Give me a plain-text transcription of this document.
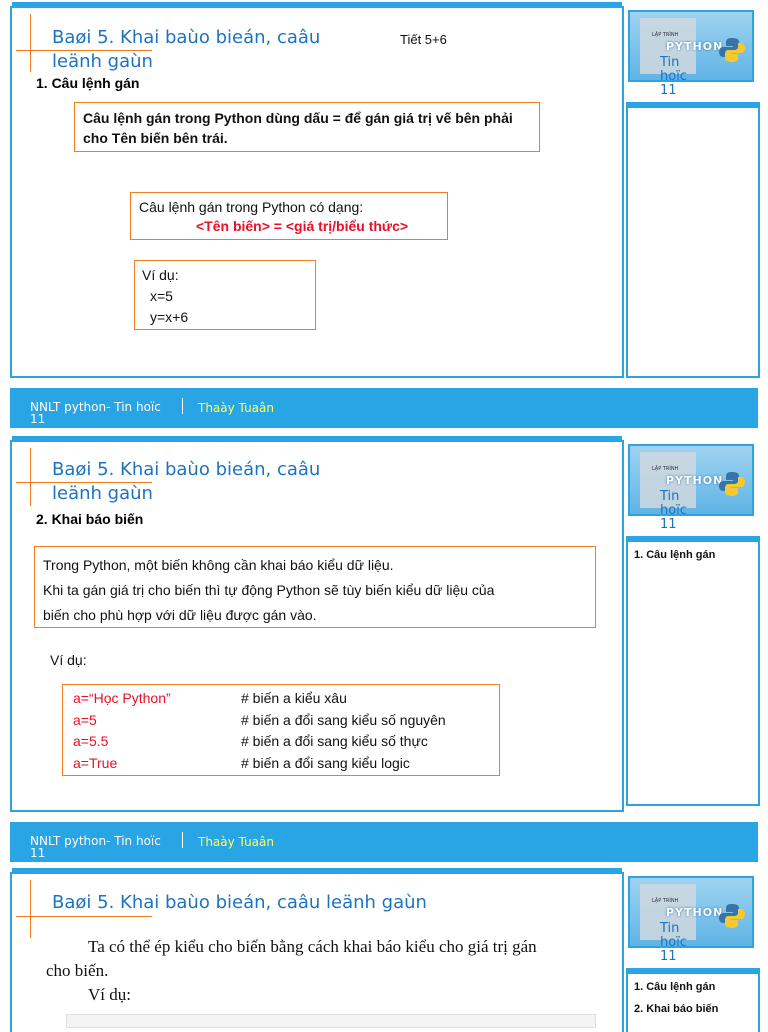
Baøi 5. Khai baùo bieán, caâu
leänh gaùn
Tiết 5+6
1. Câu lệnh gán
Câu lệnh gán trong Python dùng dấu = để gán giá trị vế bên phải cho Tên biến bên trái.
Câu lệnh gán trong Python có dạng:
<Tên biến> = <giá trị/biểu thức>
Ví dụ:
x=5
y=x+6
LẬP TRÌNH
PYTHON
Tin hoïc 11
NNLT python- Tin hoïc 11
Thaày Tuaân
Baøi 5. Khai baùo bieán, caâu
leänh gaùn
2. Khai báo biến
Trong Python, một biến không cần khai báo kiểu dữ liệu.
Khi ta gán giá trị cho biến thì tự động Python sẽ tùy biến kiểu dữ liệu của
biến cho phù hợp với dữ liệu được gán vào.
Ví dụ:
a=“Học Python”	# biến a kiểu xâu
a=5	# biến a đổi sang kiểu số nguyên
a=5.5	# biến a đổi sang kiểu số thực
a=True	# biến a đổi sang kiểu logic
LẬP TRÌNH
PYTHON
Tin hoïc 11
1. Câu lệnh gán
NNLT python- Tin hoïc 11
Thaày Tuaân
Baøi 5. Khai baùo bieán, caâu leänh gaùn
Ta có thể ép kiểu cho biến bằng cách khai báo kiểu cho giá trị gán
cho biến.
Ví dụ:
LẬP TRÌNH
PYTHON
Tin hoïc 11
1. Câu lệnh gán
2. Khai báo biến
